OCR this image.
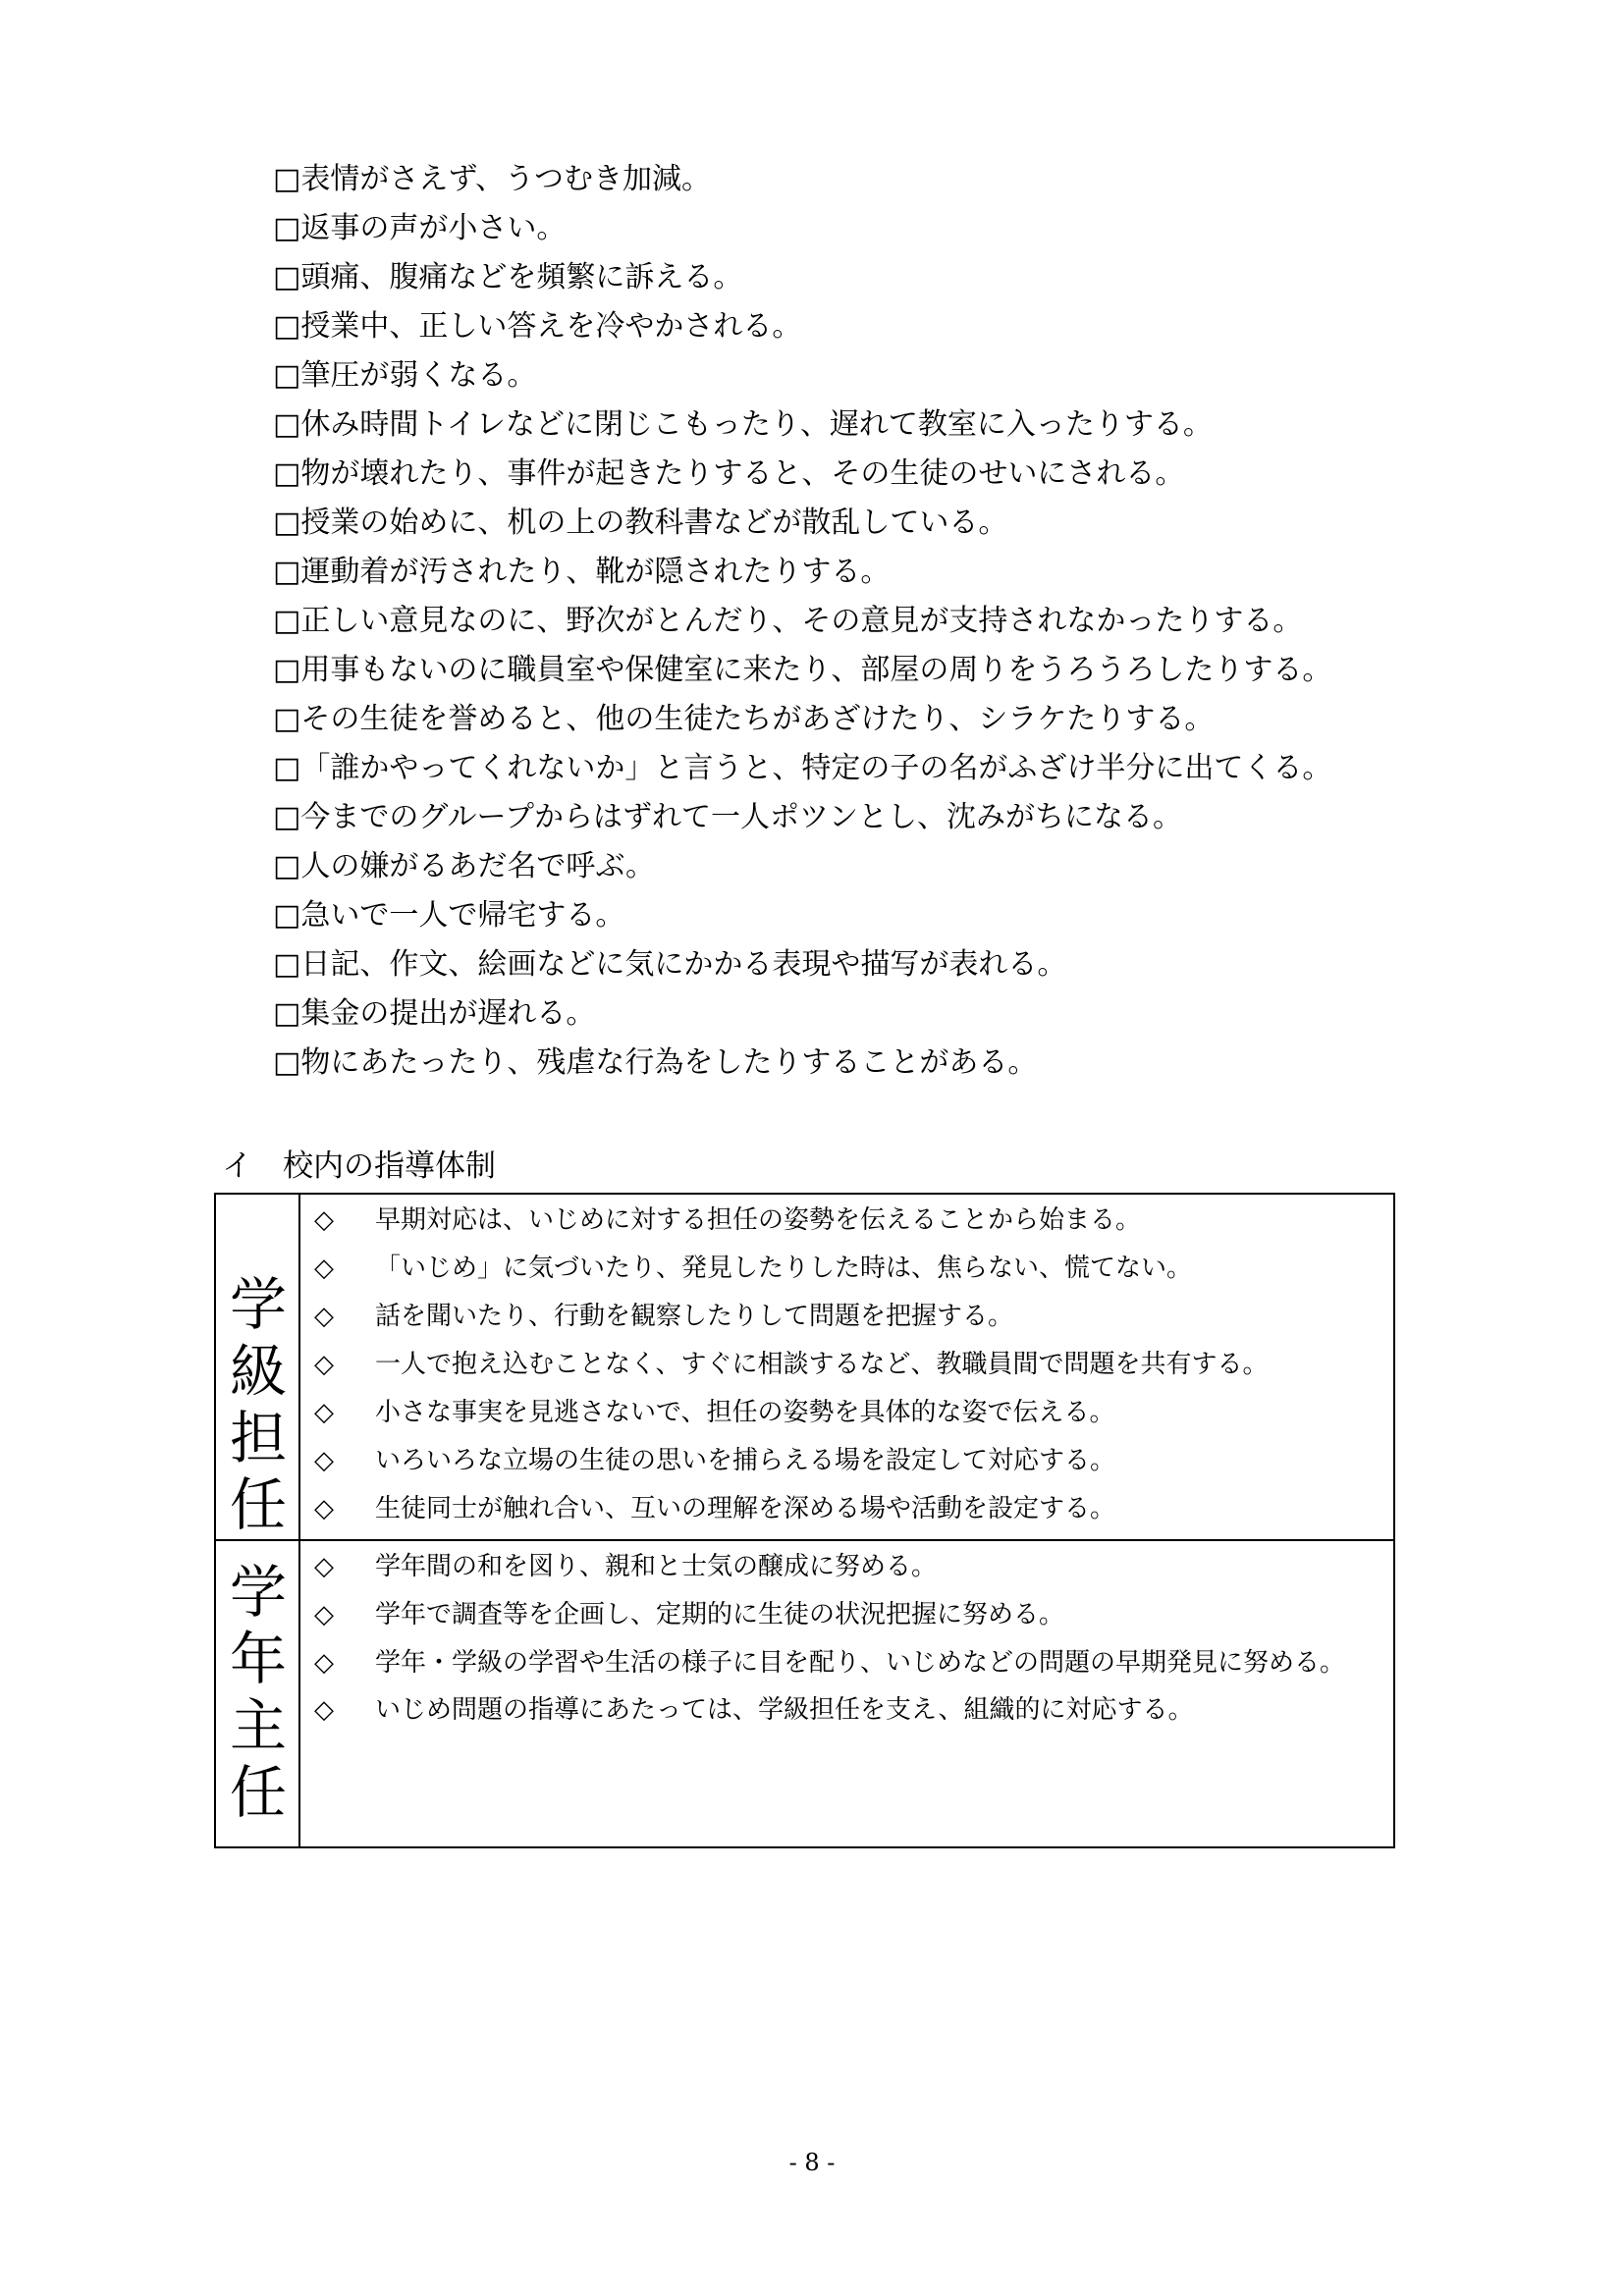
□表情がさえず、うつむき加減。
□返事の声が小さい。
□頭痛、腹痛などを頻繁に訴える。
□授業中、正しい答えを冷やかされる。
□筆圧が弱くなる。
□休み時間トイレなどに閉じこもったり、遅れて教室に入ったりする。
□物が壊れたり、事件が起きたりすると、その生徒のせいにされる。
□授業の始めに、机の上の教科書などが散乱している。
□運動着が汚されたり、靴が隠されたりする。
□正しい意見なのに、野次がとんだり、その意見が支持されなかったりする。
□用事もないのに職員室や保健室に来たり、部屋の周りをうろうろしたりする。
□その生徒を誉めると、他の生徒たちがあざけたり、シラケたりする。
□「誰かやってくれないか」と言うと、特定の子の名がふざけ半分に出てくる。
□今までのグループからはずれて一人ポツンとし、沈みがちになる。
□人の嫌がるあだ名で呼ぶ。
□急いで一人で帰宅する。
□日記、作文、絵画などに気にかかる表現や描写が表れる。
□集金の提出が遅れる。
□物にあたったり、残虐な行為をしたりすることがある。
イ　校内の指導体制

学
級
担
任

◇ 早期対応は、いじめに対する担任の姿勢を伝えることから始まる。
◇ 「いじめ」に気づいたり、発見したりした時は、焦らない、慌てない。
◇ 話を聞いたり、行動を観察したりして問題を把握する。
◇ 一人で抱え込むことなく、すぐに相談するなど、教職員間で問題を共有する。
◇ 小さな事実を見逃さないで、担任の姿勢を具体的な姿で伝える。
◇ いろいろな立場の生徒の思いを捕らえる場を設定して対応する。
◇ 生徒同士が触れ合い、互いの理解を深める場や活動を設定する。

学
年
主
任

◇ 学年間の和を図り、親和と士気の醸成に努める。
◇ 学年で調査等を企画し、定期的に生徒の状況把握に努める。
◇ 学年・学級の学習や生活の様子に目を配り、いじめなどの問題の早期発見に努める。
◇ いじめ問題の指導にあたっては、学級担任を支え、組織的に対応する。
- 8 -
